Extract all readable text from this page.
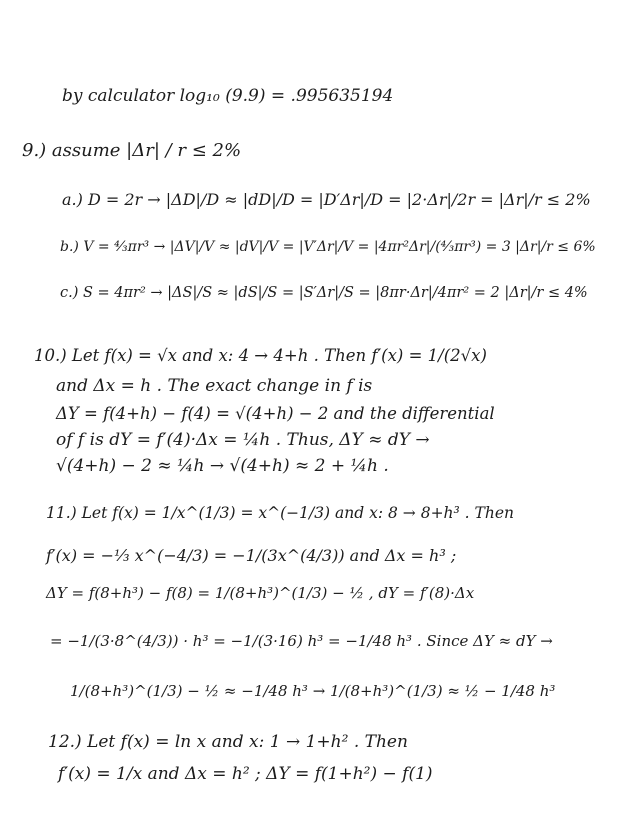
by calculator log₁₀ (9.9) = .995635194
9.) assume |Δr| / r ≤ 2%
a.) D = 2r → |ΔD|/D ≈ |dD|/D = |D′Δr|/D = |2·Δr|/2r = |Δr|/r ≤ 2%
b.) V = ⁴⁄₃πr³ → |ΔV|/V ≈ |dV|/V = |V′Δr|/V = |4πr²Δr|/(⁴⁄₃πr³) = 3 |Δr|/r ≤ 6%
c.) S = 4πr² → |ΔS|/S ≈ |dS|/S = |S′Δr|/S = |8πr·Δr|/4πr² = 2 |Δr|/r ≤ 4%
10.) Let f(x) = √x and x: 4 → 4+h . Then f′(x) = 1/(2√x)
and Δx = h . The exact change in f is
ΔY = f(4+h) − f(4) = √(4+h) − 2 and the differential
of f is dY = f′(4)·Δx = ¼h . Thus, ΔY ≈ dY →
√(4+h) − 2 ≈ ¼h → √(4+h) ≈ 2 + ¼h .
11.) Let f(x) = 1/x^(1/3) = x^(−1/3) and x: 8 → 8+h³ . Then
f′(x) = −⅓ x^(−4/3) = −1/(3x^(4/3)) and Δx = h³ ;
ΔY = f(8+h³) − f(8) = 1/(8+h³)^(1/3) − ½ , dY = f′(8)·Δx
= −1/(3·8^(4/3)) · h³ = −1/(3·16) h³ = −1/48 h³ . Since ΔY ≈ dY →
1/(8+h³)^(1/3) − ½ ≈ −1/48 h³ → 1/(8+h³)^(1/3) ≈ ½ − 1/48 h³
12.) Let f(x) = ln x and x: 1 → 1+h² . Then
f′(x) = 1/x and Δx = h² ; ΔY = f(1+h²) − f(1)
